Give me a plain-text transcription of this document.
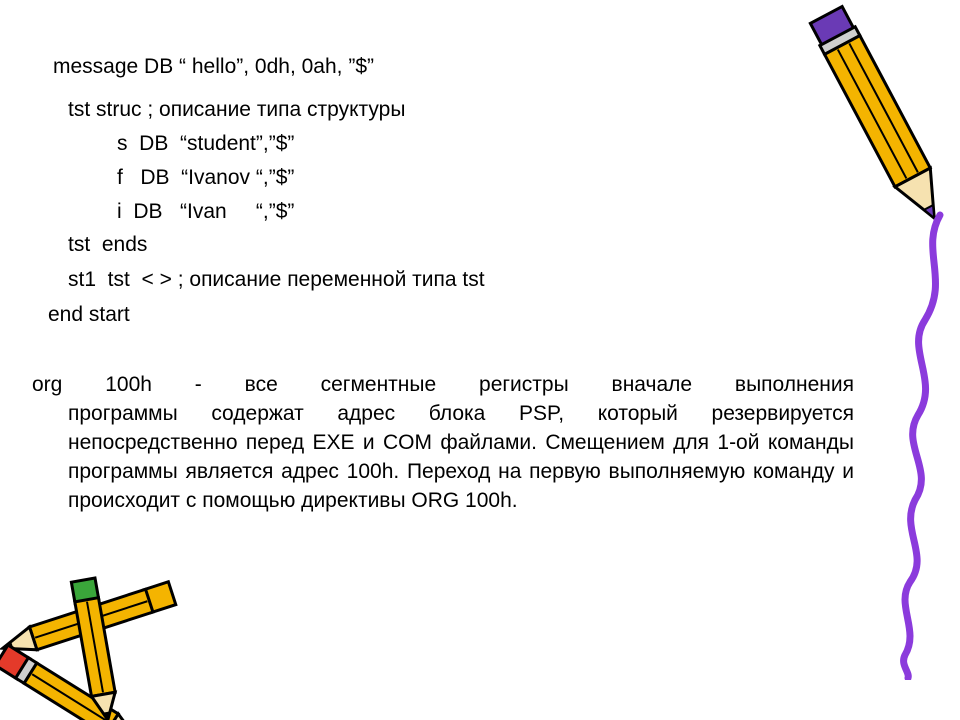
message DB “ hello”, 0dh, 0ah, ”$”
tst struc ; описание типа структуры
s  DB  “student”,”$”
f   DB  “Ivanov “,”$”
i  DB   “Ivan     “,”$”
tst  ends
st1  tst  < > ; описание переменной типа tst
end start
org 100h - все сегментные регистры вначале выполнения
программы содержат адрес блока PSP, который резервируется непосредственно перед EXE и COM файлами. Смещением для 1-ой команды программы является адрес 100h. Переход на первую выполняемую команду и происходит с помощью директивы ORG 100h.
